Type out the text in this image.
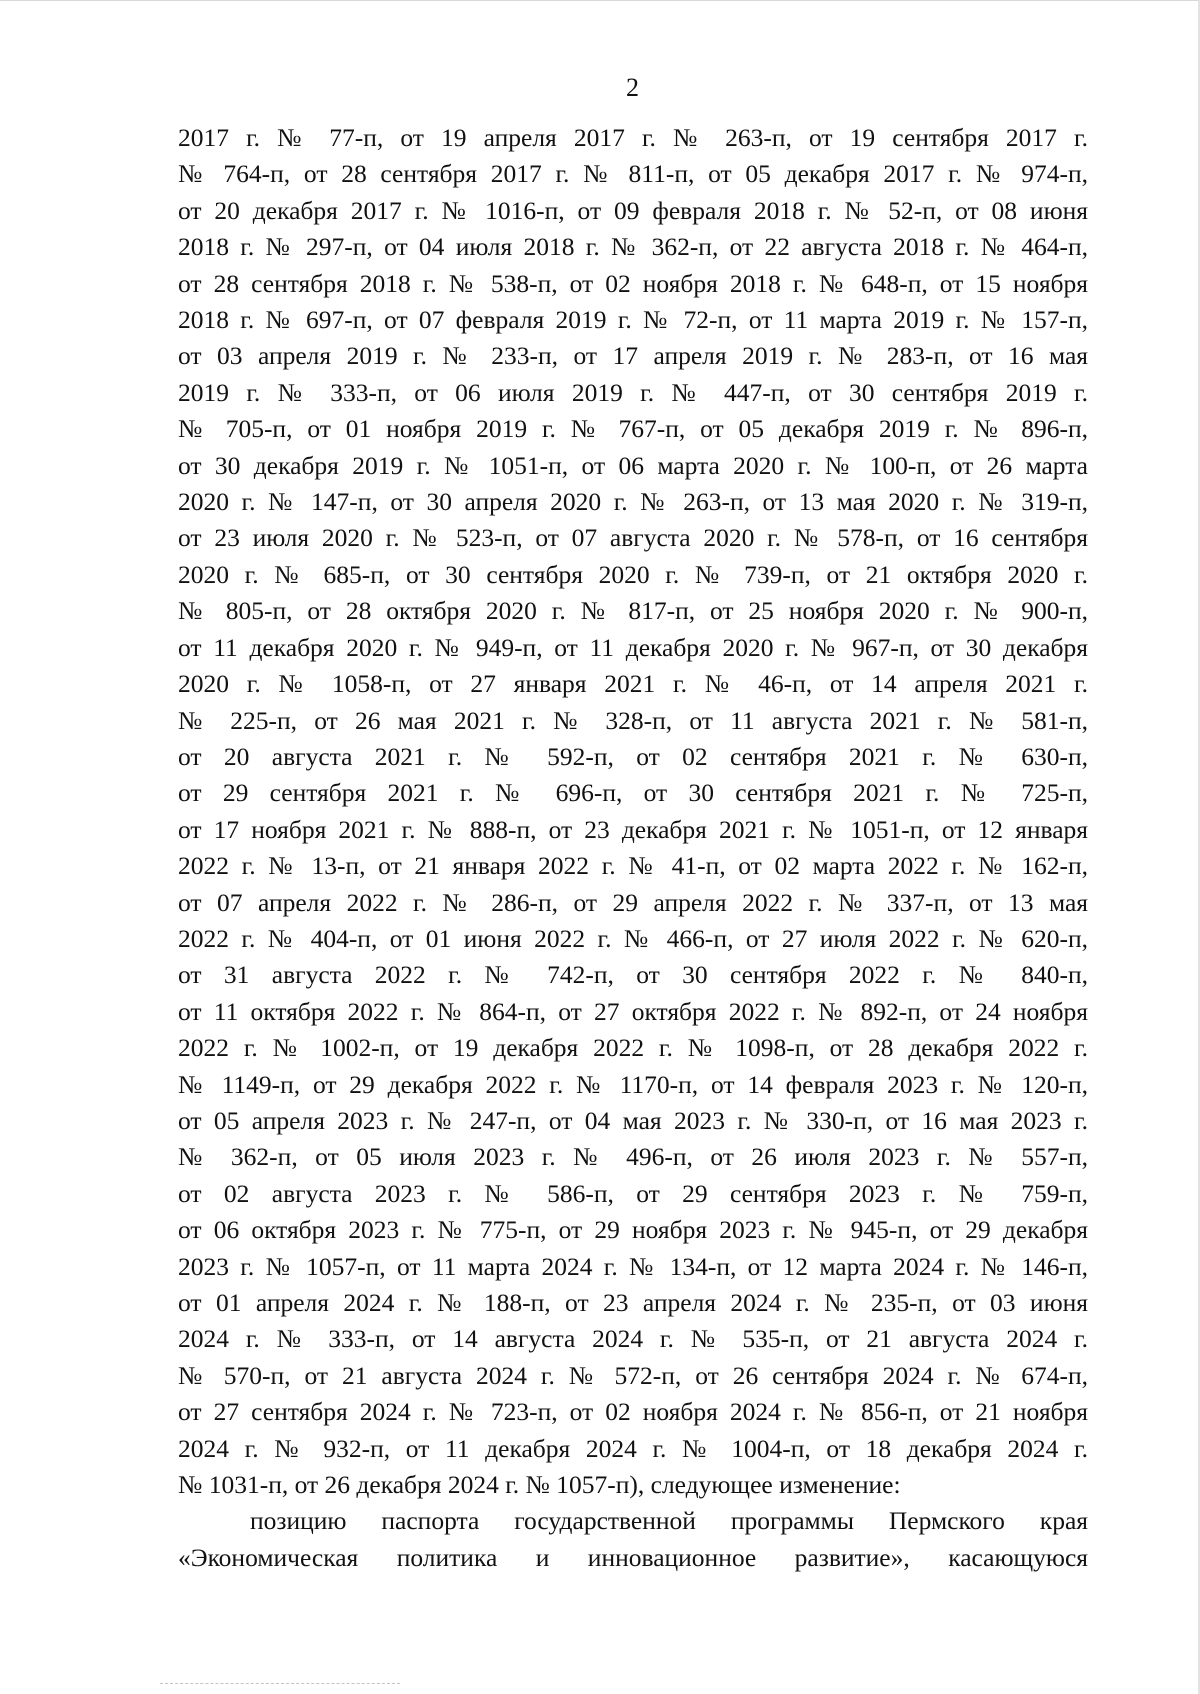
2
2017 г. № 77-п, от 19 апреля 2017 г. № 263-п, от 19 сентября 2017 г.
№ 764-п, от 28 сентября 2017 г. № 811-п, от 05 декабря 2017 г. № 974-п,
от 20 декабря 2017 г. № 1016-п, от 09 февраля 2018 г. № 52-п, от 08 июня
2018 г. № 297-п, от 04 июля 2018 г. № 362-п, от 22 августа 2018 г. № 464-п,
от 28 сентября 2018 г. № 538-п, от 02 ноября 2018 г. № 648-п, от 15 ноября
2018 г. № 697-п, от 07 февраля 2019 г. № 72-п, от 11 марта 2019 г. № 157-п,
от 03 апреля 2019 г. № 233-п, от 17 апреля 2019 г. № 283-п, от 16 мая
2019 г. № 333-п, от 06 июля 2019 г. № 447-п, от 30 сентября 2019 г.
№ 705-п, от 01 ноября 2019 г. № 767-п, от 05 декабря 2019 г. № 896-п,
от 30 декабря 2019 г. № 1051-п, от 06 марта 2020 г. № 100-п, от 26 марта
2020 г. № 147-п, от 30 апреля 2020 г. № 263-п, от 13 мая 2020 г. № 319-п,
от 23 июля 2020 г. № 523-п, от 07 августа 2020 г. № 578-п, от 16 сентября
2020 г. № 685-п, от 30 сентября 2020 г. № 739-п, от 21 октября 2020 г.
№ 805-п, от 28 октября 2020 г. № 817-п, от 25 ноября 2020 г. № 900-п,
от 11 декабря 2020 г. № 949-п, от 11 декабря 2020 г. № 967-п, от 30 декабря
2020 г. № 1058-п, от 27 января 2021 г. № 46-п, от 14 апреля 2021 г.
№ 225-п, от 26 мая 2021 г. № 328-п, от 11 августа 2021 г. № 581-п,
от 20 августа 2021 г. № 592-п, от 02 сентября 2021 г. № 630-п,
от 29 сентября 2021 г. № 696-п, от 30 сентября 2021 г. № 725-п,
от 17 ноября 2021 г. № 888-п, от 23 декабря 2021 г. № 1051-п, от 12 января
2022 г. № 13-п, от 21 января 2022 г. № 41-п, от 02 марта 2022 г. № 162-п,
от 07 апреля 2022 г. № 286-п, от 29 апреля 2022 г. № 337-п, от 13 мая
2022 г. № 404-п, от 01 июня 2022 г. № 466-п, от 27 июля 2022 г. № 620-п,
от 31 августа 2022 г. № 742-п, от 30 сентября 2022 г. № 840-п,
от 11 октября 2022 г. № 864-п, от 27 октября 2022 г. № 892-п, от 24 ноября
2022 г. № 1002-п, от 19 декабря 2022 г. № 1098-п, от 28 декабря 2022 г.
№ 1149-п, от 29 декабря 2022 г. № 1170-п, от 14 февраля 2023 г. № 120-п,
от 05 апреля 2023 г. № 247-п, от 04 мая 2023 г. № 330-п, от 16 мая 2023 г.
№ 362-п, от 05 июля 2023 г. № 496-п, от 26 июля 2023 г. № 557-п,
от 02 августа 2023 г. № 586-п, от 29 сентября 2023 г. № 759-п,
от 06 октября 2023 г. № 775-п, от 29 ноября 2023 г. № 945-п, от 29 декабря
2023 г. № 1057-п, от 11 марта 2024 г. № 134-п, от 12 марта 2024 г. № 146-п,
от 01 апреля 2024 г. № 188-п, от 23 апреля 2024 г. № 235-п, от 03 июня
2024 г. № 333-п, от 14 августа 2024 г. № 535-п, от 21 августа 2024 г.
№ 570-п, от 21 августа 2024 г. № 572-п, от 26 сентября 2024 г. № 674-п,
от 27 сентября 2024 г. № 723-п, от 02 ноября 2024 г. № 856-п, от 21 ноября
2024 г. № 932-п, от 11 декабря 2024 г. № 1004-п, от 18 декабря 2024 г.
№ 1031-п, от 26 декабря 2024 г. № 1057-п), следующее изменение:
позицию паспорта государственной программы Пермского края
«Экономическая политика и инновационное развитие», касающуюся
